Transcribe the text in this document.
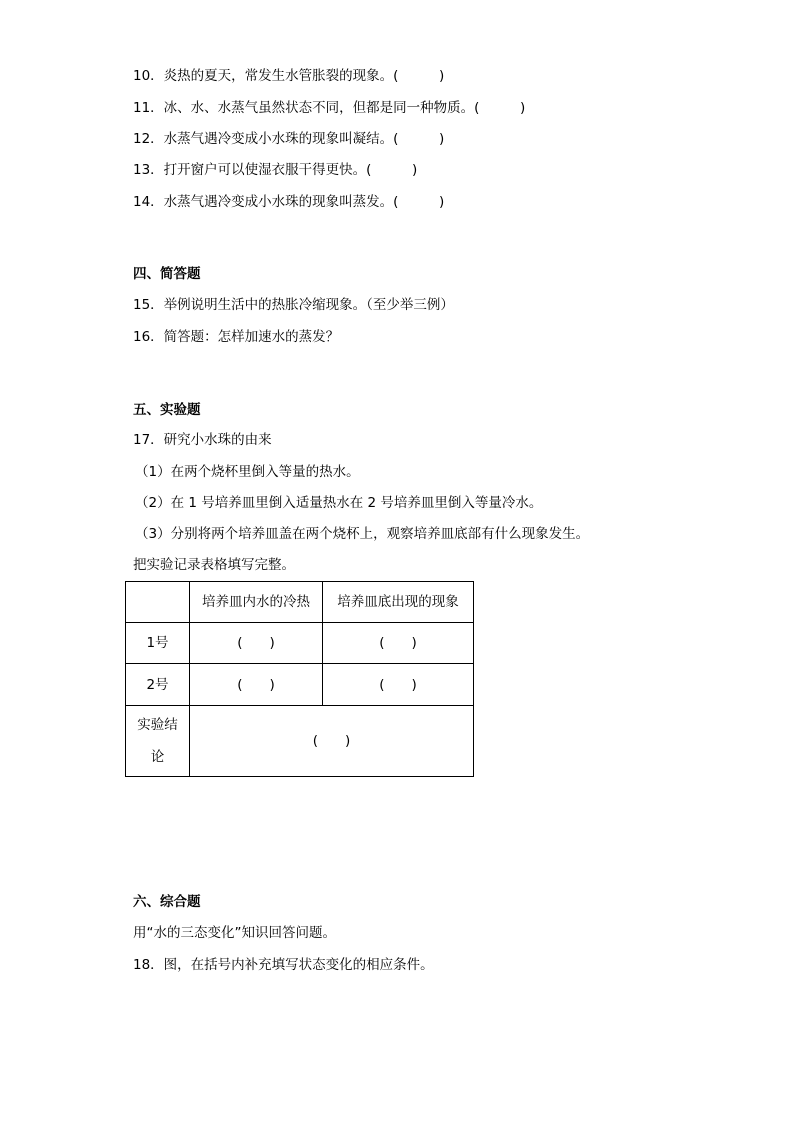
10．炎热的夏天，常发生水管胀裂的现象。(　　　)
11．冰、水、水蒸气虽然状态不同，但都是同一种物质。(　　　)
12．水蒸气遇冷变成小水珠的现象叫凝结。(　　　)
13．打开窗户可以使湿衣服干得更快。(　　　)
14．水蒸气遇冷变成小水珠的现象叫蒸发。(　　　)
四、简答题
15．举例说明生活中的热胀冷缩现象。（至少举三例）
16．简答题：怎样加速水的蒸发？
五、实验题
17．研究小水珠的由来
（1）在两个烧杯里倒入等量的热水。
（2）在 1 号培养皿里倒入适量热水在 2 号培养皿里倒入等量冷水。
（3）分别将两个培养皿盖在两个烧杯上，观察培养皿底部有什么现象发生。
把实验记录表格填写完整。
	培养皿内水的冷热	培养皿底出现的现象
1号	(　　)	(　　)
2号	(　　)	(　　)
实验结论	(　　)	
六、综合题
用“水的三态变化”知识回答问题。
18．图，在括号内补充填写状态变化的相应条件。
